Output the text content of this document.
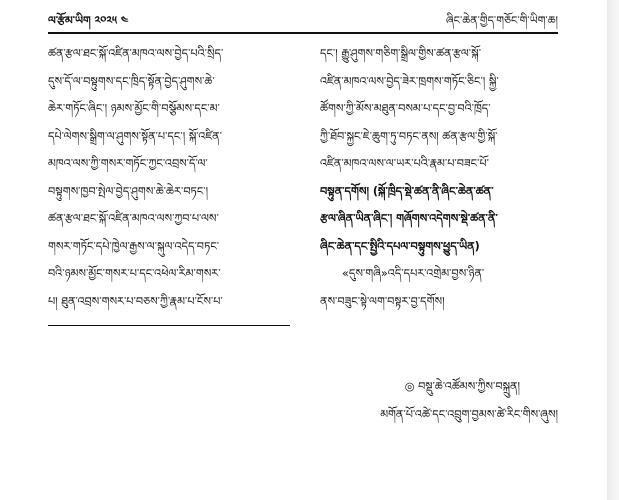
ལ་རྩོམ་ཡིག ༢༠༢༥ ༤	ཞིང་ཆེན་གྱིད་གཅོང་གི་ཡིག་ཆ།
ཚན་རྩལ་ཐང་སྐོ་འཛིན་མཁའ་ལས་བྱེད་པའི་སྲིད་
དུས་དོ་ལ་བསྟུགས་དང་ཁྲིད་སྟོན་བྱེད་ཤུགས་ཆེ་
ཆེར་གཏོང་ཞིང་། ཉམས་མྱོང་གི་བསྩོམས་དང་མ་
དཔེ་ལེགས་སྒྲིག་ལ་ཤུགས་སྟོན་པ་དང་། སྐོ་འཛིན་
མཁའ་ལས་ཀྱི་གསར་གཏོང་ཀྱང་འབྲས་དོ་ལ་
བསྟུགས་ཁྱབ་སྤེལ་བྱེད་ཤུགས་ཆེ་ཆེར་བཏང་།
ཚན་རྩལ་ཐང་སྐོ་འཛིན་མཁའ་ལས་ཀྱབ་པ་ལས་
གསར་གཏོང་དཔེ་ཁྱེལ་རྒྱས་ལ་སྐུལ་འདེད་བཏང་
བའི་ཉམས་མྱོང་གསར་པ་དང་འཕེལ་རིམ་གསར་
པ། ཐུན་འབྲས་གསར་པ་བཅས་ཀྱི་རྣམ་པ་ངོས་པ་
དང་། རྒྱུ་ཤུགས་གཅིག་སྒྲིལ་གྱིས་ཚན་རྩལ་སྐོ་
འཛིན་མཁའ་ལས་བྱེད་ཟེར་ཁྲགས་གཏོང་ཅིང་། སྐྱི་
ཚོགས་ཀྱི་མོས་མཐུན་བསམ་པ་དང་བྱ་བའི་ཁྲོད་
ཀྱི་ཐོབ་སྐྱང་ཇེ་ཆུག་ཏུ་བཏང་ནས། ཚན་རྩལ་གྱི་སྐོ་
འཛིན་མཁའ་ལས་ལ་ཡར་པའི་རྣམ་པ་བཟང་པོ་
བསྟུན་དགོས། (སྐོ་ཁྲིད་སྡེ་ཚན་ནི་ཞིང་ཆེན་ཚན་
རྩལ་ཞིན་ཡིན་ཞིང་། གཞོགས་འདེགས་སྡེ་ཚན་ནི་
ཞིང་ཆེན་དང་སྤྱིའི་དཔལ་བསྟུགས་ཕྱུད་ཡིན)
«དུས་གཞི»འདི་དཔར་འགྲེམ་བྱས་ཉིན་
ནས་བཟུང་སྟེ་ལག་བསྟར་བྱ་དགོས།
◎ བསྡུ་ཆེ་འཚོམས་ཀྱིས་བསྐྲུན།
མགོན་པོ་འཚེ་དང་འབྲུག་བྱམས་ཚེ་རིང་གིས་ཞུས།
